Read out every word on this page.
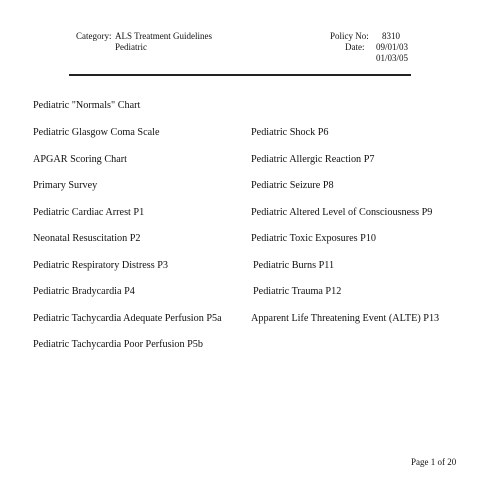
Category: ALS Treatment Guidelines
Pediatric
Policy No: 8310
Date: 09/01/03
01/03/05
Pediatric "Normals" Chart
Pediatric Glasgow Coma Scale
APGAR Scoring Chart
Primary Survey
Pediatric Cardiac Arrest P1
Neonatal Resuscitation P2
Pediatric Respiratory Distress P3
Pediatric Bradycardia P4
Pediatric Tachycardia Adequate Perfusion P5a
Pediatric Tachycardia Poor Perfusion P5b
Pediatric Shock P6
Pediatric Allergic Reaction P7
Pediatric Seizure P8
Pediatric Altered Level of Consciousness P9
Pediatric Toxic Exposures P10
Pediatric Burns P11
Pediatric Trauma P12
Apparent Life Threatening Event (ALTE) P13
Page 1 of 20
